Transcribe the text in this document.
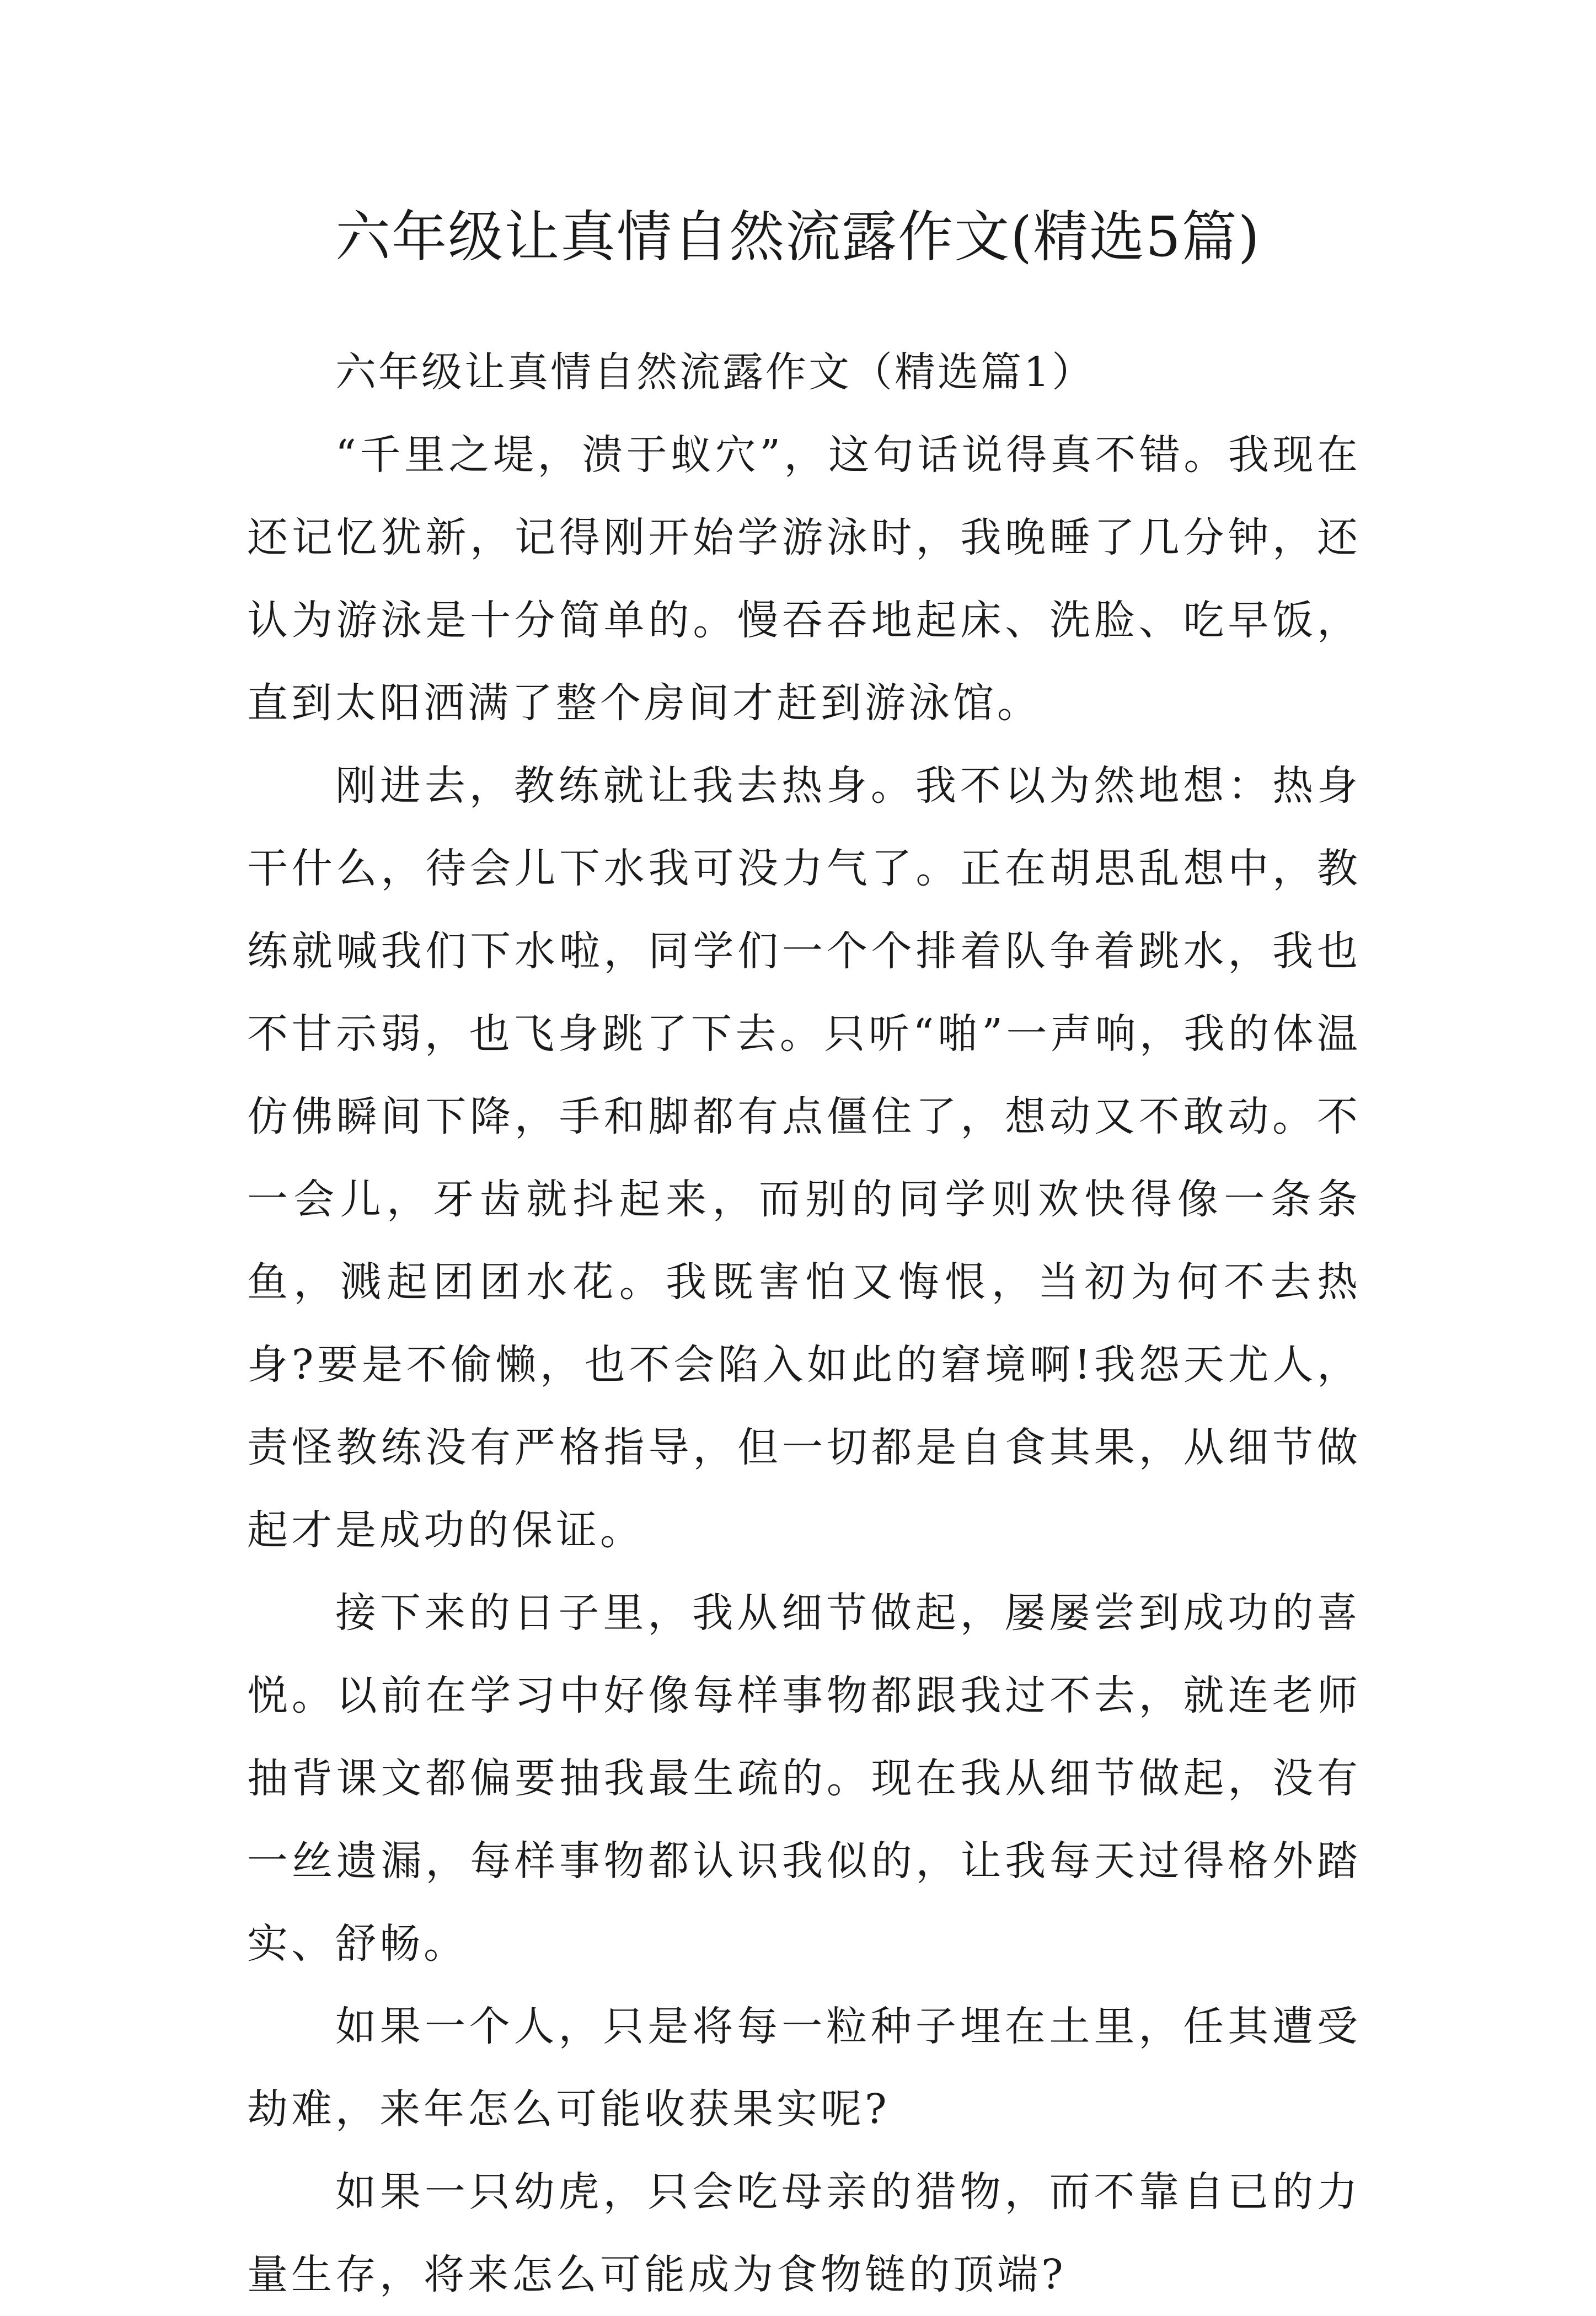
六年级让真情自然流露作文(精选5篇)
六年级让真情自然流露作文（精选篇1）

“千里之堤，溃于蚁穴”，这句话说得真不错。我现在还记忆犹新，记得刚开始学游泳时，我晚睡了几分钟，还认为游泳是十分简单的。慢吞吞地起床、洗脸、吃早饭，直到太阳洒满了整个房间才赶到游泳馆。

刚进去，教练就让我去热身。我不以为然地想：热身干什么，待会儿下水我可没力气了。正在胡思乱想中，教练就喊我们下水啦，同学们一个个排着队争着跳水，我也不甘示弱，也飞身跳了下去。只听“啪”一声响，我的体温仿佛瞬间下降，手和脚都有点僵住了，想动又不敢动。不一会儿，牙齿就抖起来，而别的同学则欢快得像一条条鱼，溅起团团水花。我既害怕又悔恨，当初为何不去热身?要是不偷懒，也不会陷入如此的窘境啊!我怨天尤人，责怪教练没有严格指导，但一切都是自食其果，从细节做起才是成功的保证。

接下来的日子里，我从细节做起，屡屡尝到成功的喜悦。以前在学习中好像每样事物都跟我过不去，就连老师抽背课文都偏要抽我最生疏的。现在我从细节做起，没有一丝遗漏，每样事物都认识我似的，让我每天过得格外踏实、舒畅。

如果一个人，只是将每一粒种子埋在土里，任其遭受劫难，来年怎么可能收获果实呢?

如果一只幼虎，只会吃母亲的猎物，而不靠自已的力量生存，将来怎么可能成为食物链的顶端?
